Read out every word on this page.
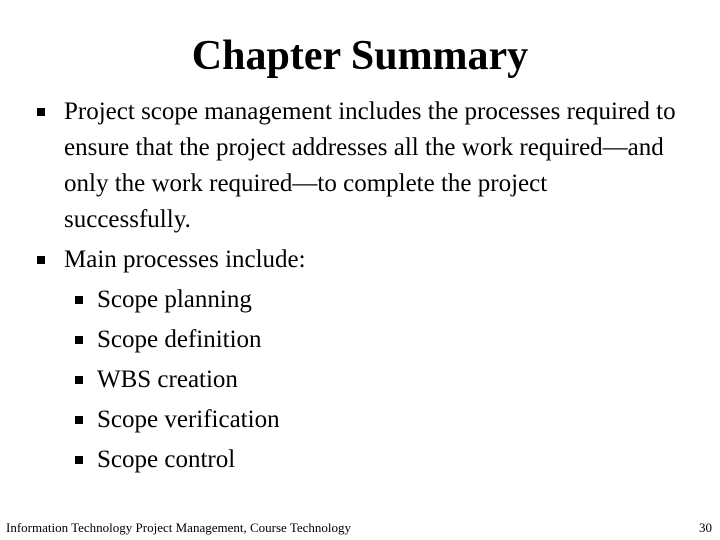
Chapter Summary

Project scope management includes the processes required to ensure that the project addresses all the work required—and only the work required—to complete the project successfully.

Main processes include:

Scope planning

Scope definition

WBS creation

Scope verification

Scope control

Information Technology Project Management, Course Technology	30
